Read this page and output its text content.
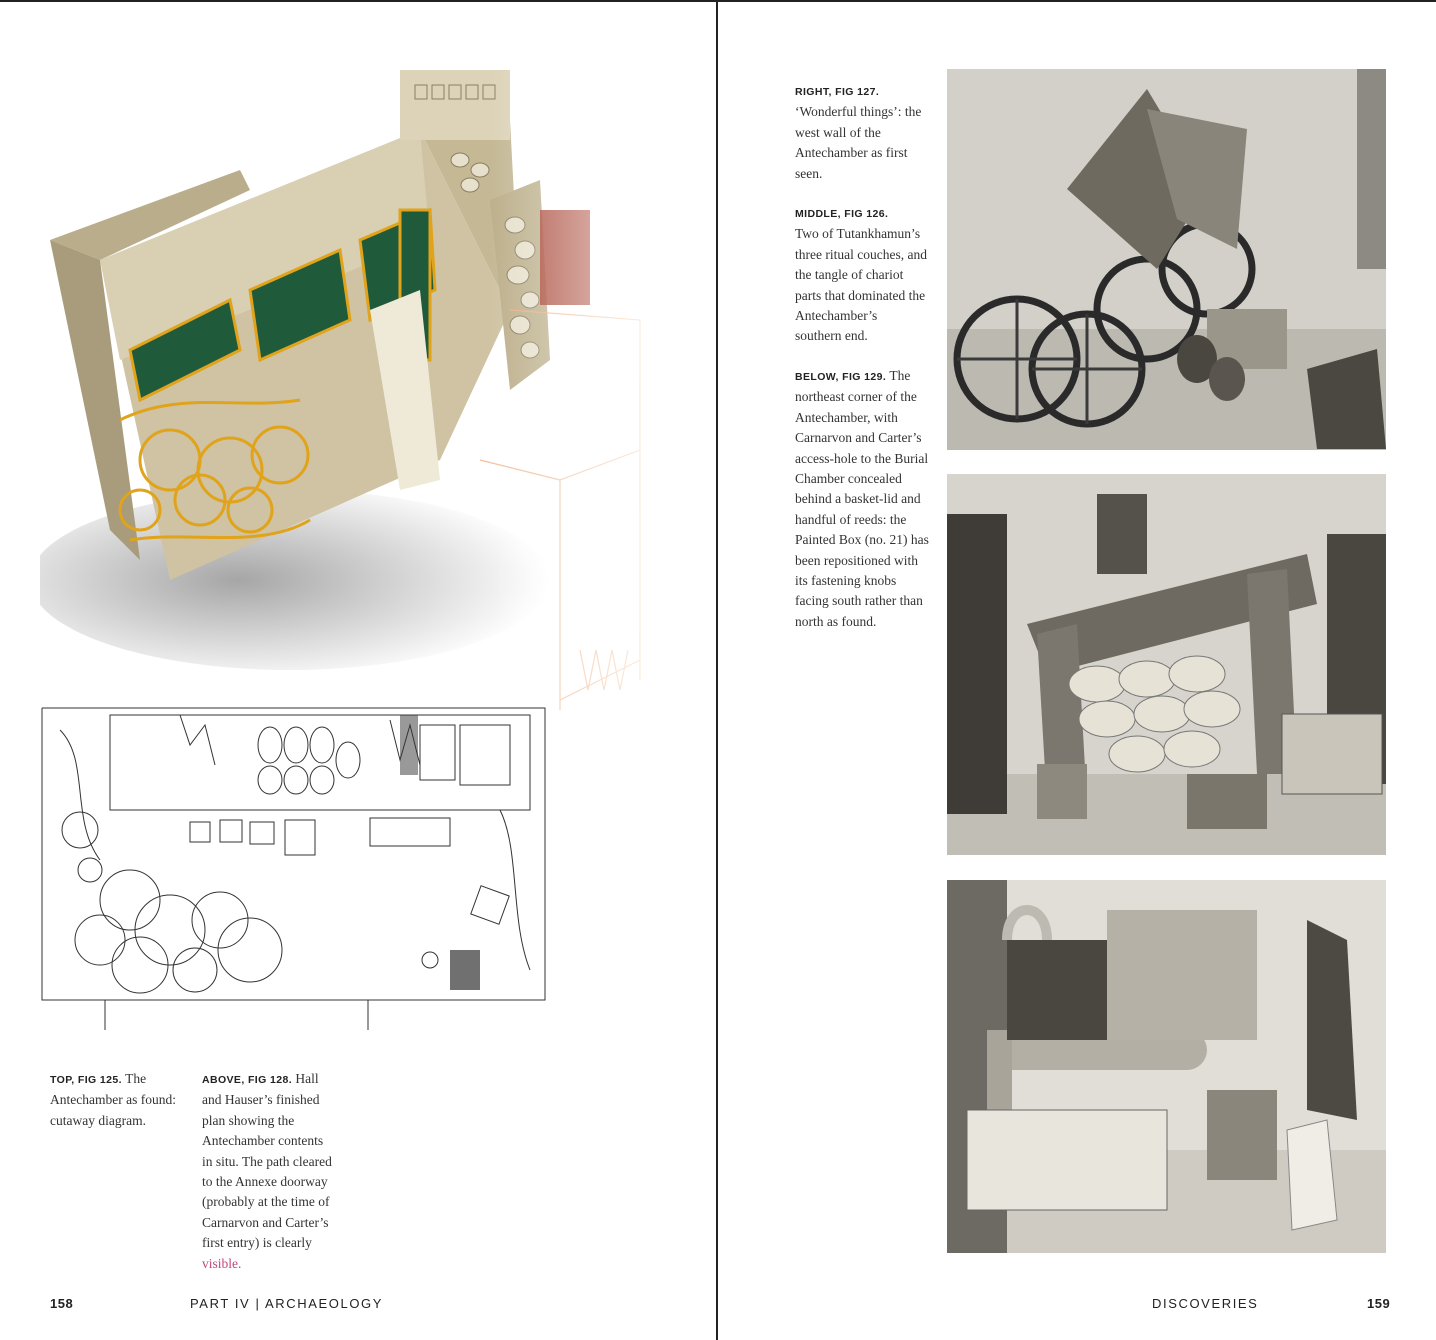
TOP, FIG 125. The Antechamber as found: cutaway diagram.
ABOVE, FIG 128. Hall and Hauser’s finished plan showing the Antechamber contents in situ. The path cleared to the Annexe doorway (probably at the time of Carnarvon and Carter’s first entry) is clearly visible.
158	PART IV | ARCHAEOLOGY
RIGHT, FIG 127.
‘Wonderful things’: the west wall of the Antechamber as first seen.
MIDDLE, FIG 126.
Two of Tutankhamun’s three ritual couches, and the tangle of chariot parts that dominated the Antechamber’s southern end.
BELOW, FIG 129. The northeast corner of the Antechamber, with Carnarvon and Carter’s access-hole to the Burial Chamber concealed behind a basket-lid and handful of reeds: the Painted Box (no. 21) has been repositioned with its fastening knobs facing south rather than north as found.
DISCOVERIES	159
